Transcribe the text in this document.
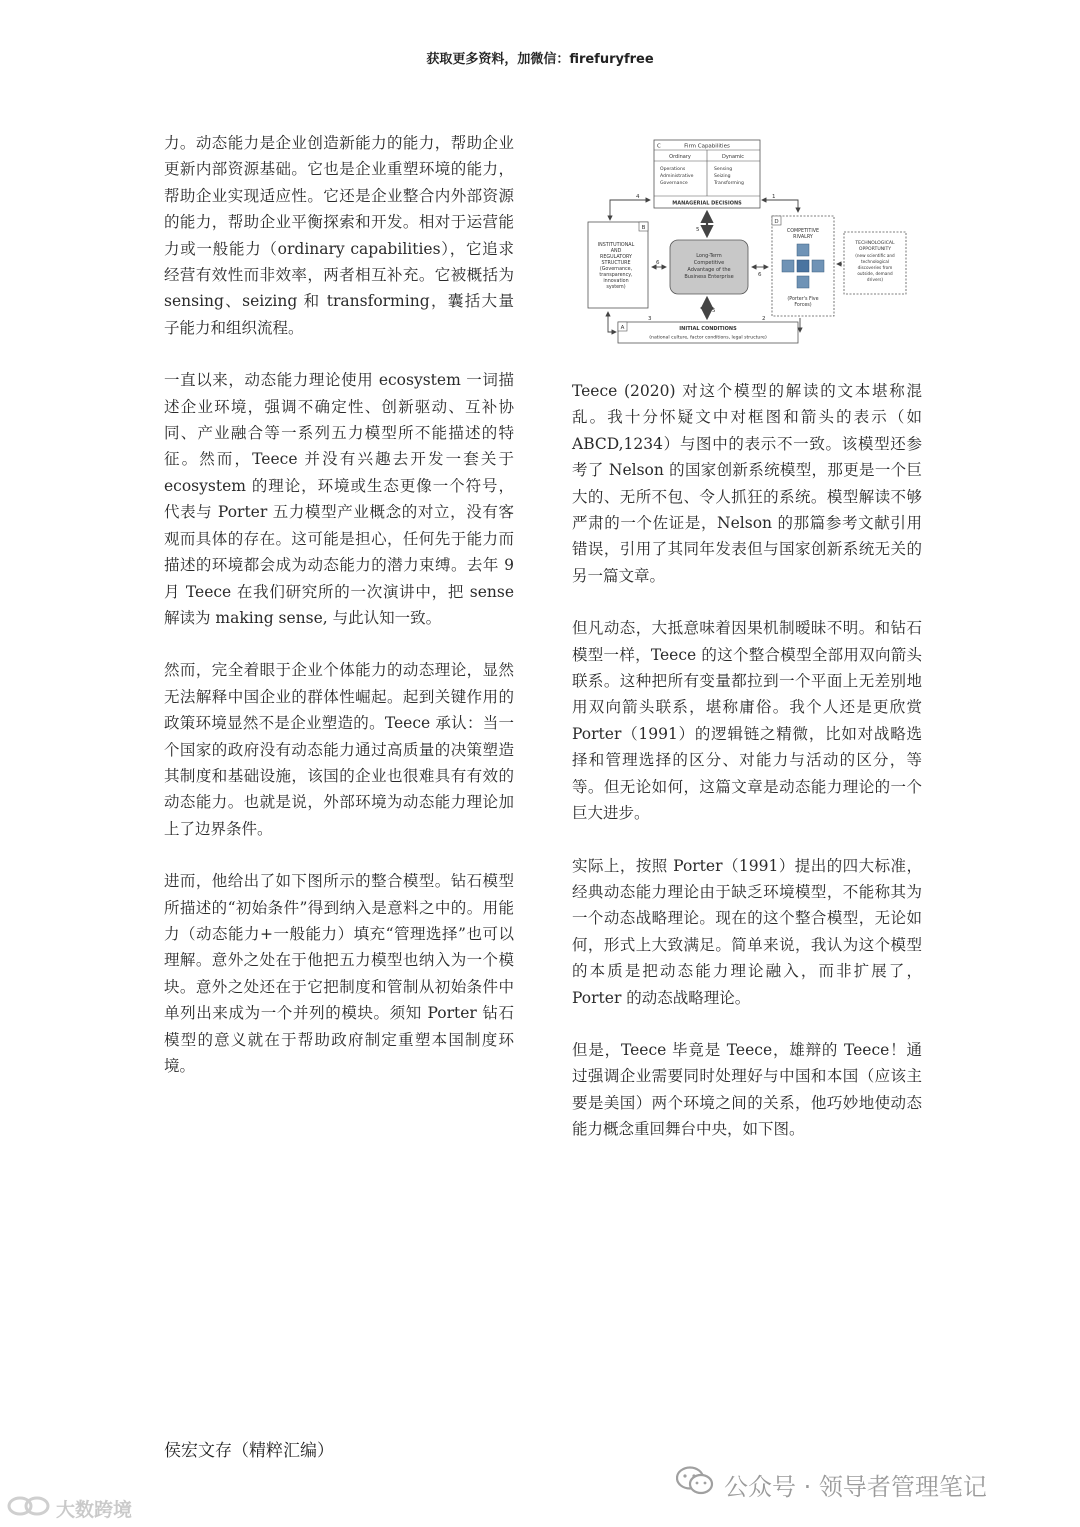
获取更多资料，加微信：firefuryfree

力。动态能力是企业创造新能力的能力，帮助企业更新内部资源基础。它也是企业重塑环境的能力，帮助企业实现适应性。它还是企业整合内外部资源的能力，帮助企业平衡探索和开发。相对于运营能力或一般能力（ordinary capabilities），它追求经营有效性而非效率，两者相互补充。它被概括为 sensing、seizing 和 transforming，囊括大量子能力和组织流程。

一直以来，动态能力理论使用 ecosystem 一词描述企业环境，强调不确定性、创新驱动、互补协同、产业融合等一系列五力模型所不能描述的特征。然而，Teece 并没有兴趣去开发一套关于 ecosystem 的理论，环境或生态更像一个符号，代表与 Porter 五力模型产业概念的对立，没有客观而具体的存在。这可能是担心，任何先于能力而描述的环境都会成为动态能力的潜力束缚。去年 9 月 Teece 在我们研究所的一次演讲中，把 sense 解读为 making sense, 与此认知一致。

然而，完全着眼于企业个体能力的动态理论，显然无法解释中国企业的群体性崛起。起到关键作用的政策环境显然不是企业塑造的。Teece 承认：当一个国家的政府没有动态能力通过高质量的决策塑造其制度和基础设施，该国的企业也很难具有有效的动态能力。也就是说，外部环境为动态能力理论加上了边界条件。

进而，他给出了如下图所示的整合模型。钻石模型所描述的“初始条件”得到纳入是意料之中的。用能力（动态能力+一般能力）填充“管理选择”也可以理解。意外之处在于他把五力模型也纳入为一个模块。意外之处还在于它把制度和管制从初始条件中单列出来成为一个并列的模块。须知 Porter 钻石模型的意义就在于帮助政府制定重塑本国制度环境。

C	Firm Capabilities
Ordinary	Dynamic
Operations
Administrative
Governance
Sensing
Seizing
Transforming
MANAGERIAL DECISIONS
B
INSTITUTIONAL
AND
REGULATORY
STRUCTURE
(Governance,
transparency,
innovation
system)
Long-Term
Competitive
Advantage of the
Business Enterprise
D
COMPETITIVE
RIVALRY
(Porter's Five
Forces)
TECHNOLOGICAL
OPPORTUNITY
(new scientific and
technological
discoveries from
outside, demand
drivers)
A	INITIAL CONDITIONS
(national culture, factor conditions, legal structure)
1
2
3
4
5
5
6
6

Teece (2020) 对这个模型的解读的文本堪称混乱。我十分怀疑文中对框图和箭头的表示（如 ABCD,1234）与图中的表示不一致。该模型还参考了 Nelson 的国家创新系统模型，那更是一个巨大的、无所不包、令人抓狂的系统。模型解读不够严肃的一个佐证是，Nelson 的那篇参考文献引用错误，引用了其同年发表但与国家创新系统无关的另一篇文章。

但凡动态，大抵意味着因果机制暧昧不明。和钻石模型一样，Teece 的这个整合模型全部用双向箭头联系。这种把所有变量都拉到一个平面上无差别地用双向箭头联系，堪称庸俗。我个人还是更欣赏 Porter（1991）的逻辑链之精微，比如对战略选择和管理选择的区分、对能力与活动的区分，等等。但无论如何，这篇文章是动态能力理论的一个巨大进步。

实际上，按照 Porter（1991）提出的四大标准，经典动态能力理论由于缺乏环境模型，不能称其为一个动态战略理论。现在的这个整合模型，无论如何，形式上大致满足。简单来说，我认为这个模型的本质是把动态能力理论融入，而非扩展了，Porter 的动态战略理论。

但是，Teece 毕竟是 Teece，雄辩的 Teece！通过强调企业需要同时处理好与中国和本国（应该主要是美国）两个环境之间的关系，他巧妙地使动态能力概念重回舞台中央，如下图。

侯宏文存（精粹汇编）
公众号 · 领导者管理笔记
大数跨境
